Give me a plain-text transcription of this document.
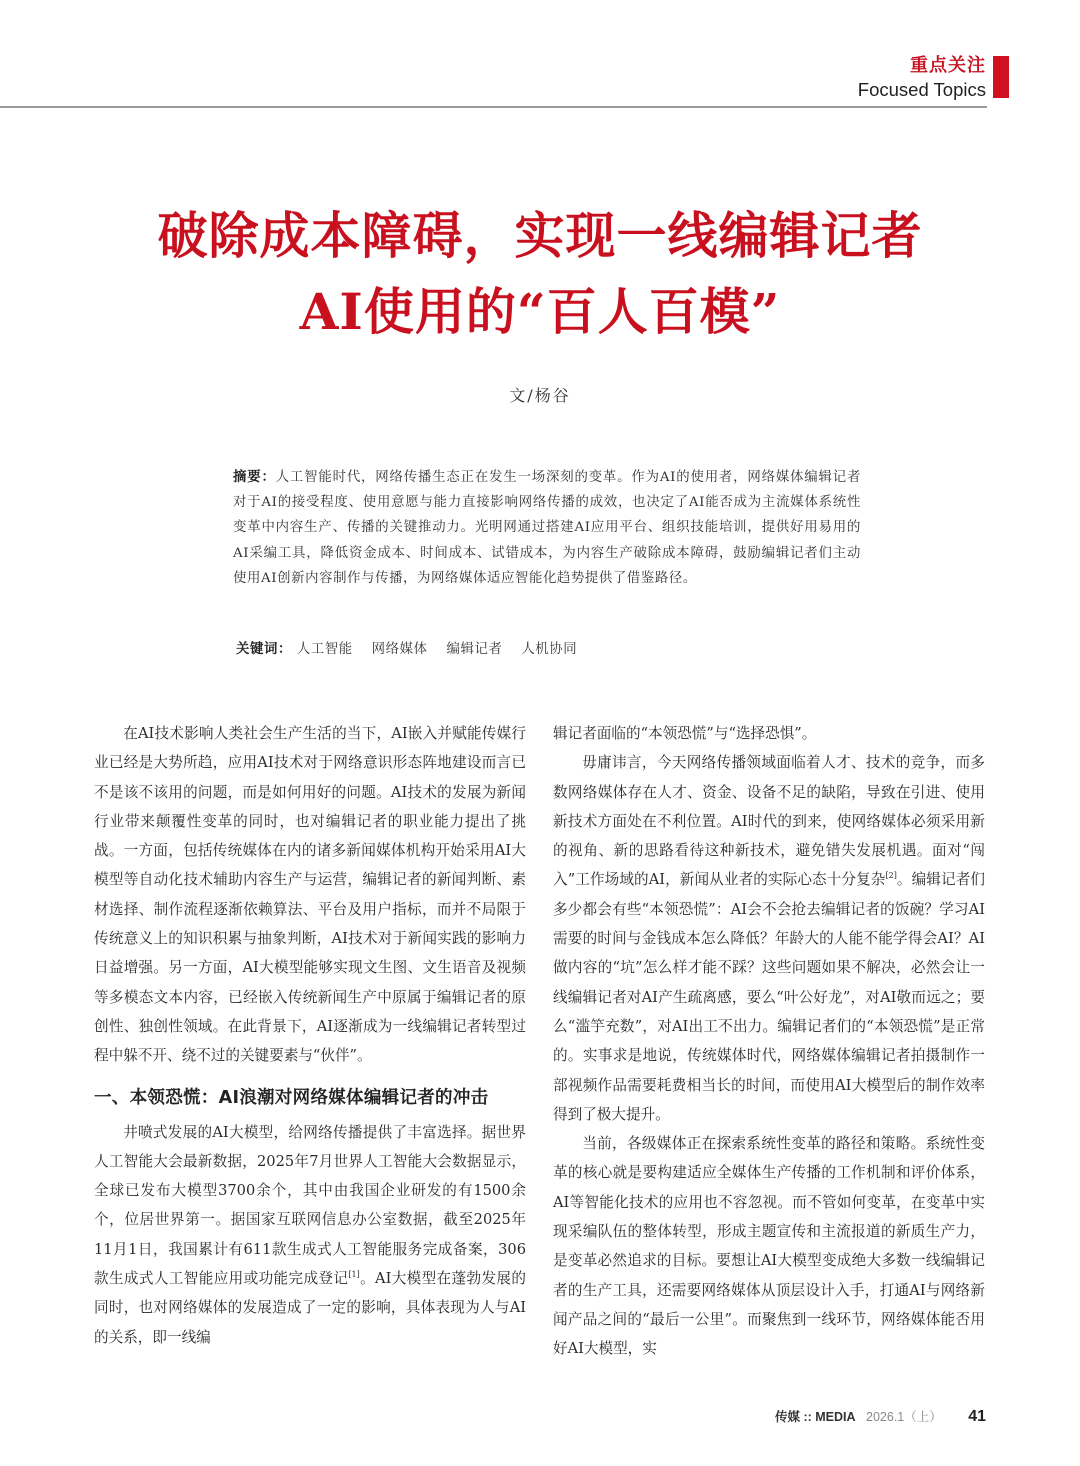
重点关注
Focused Topics
破除成本障碍，实现一线编辑记者
AI使用的“百人百模”
文/杨谷
摘要：人工智能时代，网络传播生态正在发生一场深刻的变革。作为AI的使用者，网络媒体编辑记者对于AI的接受程度、使用意愿与能力直接影响网络传播的成效，也决定了AI能否成为主流媒体系统性变革中内容生产、传播的关键推动力。光明网通过搭建AI应用平台、组织技能培训，提供好用易用的AI采编工具，降低资金成本、时间成本、试错成本，为内容生产破除成本障碍，鼓励编辑记者们主动使用AI创新内容制作与传播，为网络媒体适应智能化趋势提供了借鉴路径。
关键词： 人工智能 网络媒体 编辑记者 人机协同

在AI技术影响人类社会生产生活的当下，AI嵌入并赋能传媒行业已经是大势所趋，应用AI技术对于网络意识形态阵地建设而言已不是该不该用的问题，而是如何用好的问题。AI技术的发展为新闻行业带来颠覆性变革的同时，也对编辑记者的职业能力提出了挑战。一方面，包括传统媒体在内的诸多新闻媒体机构开始采用AI大模型等自动化技术辅助内容生产与运营，编辑记者的新闻判断、素材选择、制作流程逐渐依赖算法、平台及用户指标，而并不局限于传统意义上的知识积累与抽象判断，AI技术对于新闻实践的影响力日益增强。另一方面，AI大模型能够实现文生图、文生语音及视频等多模态文本内容，已经嵌入传统新闻生产中原属于编辑记者的原创性、独创性领域。在此背景下，AI逐渐成为一线编辑记者转型过程中躲不开、绕不过的关键要素与“伙伴”。

一、本领恐慌：AI浪潮对网络媒体编辑记者的冲击

井喷式发展的AI大模型，给网络传播提供了丰富选择。据世界人工智能大会最新数据，2025年7月世界人工智能大会数据显示，全球已发布大模型3700余个，其中由我国企业研发的有1500余个，位居世界第一。据国家互联网信息办公室数据，截至2025年11月1日，我国累计有611款生成式人工智能服务完成备案，306款生成式人工智能应用或功能完成登记[1]。AI大模型在蓬勃发展的同时，也对网络媒体的发展造成了一定的影响，具体表现为人与AI的关系，即一线编

辑记者面临的“本领恐慌”与“选择恐惧”。

毋庸讳言，今天网络传播领域面临着人才、技术的竞争，而多数网络媒体存在人才、资金、设备不足的缺陷，导致在引进、使用新技术方面处在不利位置。AI时代的到来，使网络媒体必须采用新的视角、新的思路看待这种新技术，避免错失发展机遇。面对“闯入”工作场域的AI，新闻从业者的实际心态十分复杂[2]。编辑记者们多少都会有些“本领恐慌”：AI会不会抢去编辑记者的饭碗？学习AI需要的时间与金钱成本怎么降低？年龄大的人能不能学得会AI？AI做内容的“坑”怎么样才能不踩？这些问题如果不解决，必然会让一线编辑记者对AI产生疏离感，要么“叶公好龙”，对AI敬而远之；要么“滥竽充数”，对AI出工不出力。编辑记者们的“本领恐慌”是正常的。实事求是地说，传统媒体时代，网络媒体编辑记者拍摄制作一部视频作品需要耗费相当长的时间，而使用AI大模型后的制作效率得到了极大提升。

当前，各级媒体正在探索系统性变革的路径和策略。系统性变革的核心就是要构建适应全媒体生产传播的工作机制和评价体系，AI等智能化技术的应用也不容忽视。而不管如何变革，在变革中实现采编队伍的整体转型，形成主题宣传和主流报道的新质生产力，是变革必然追求的目标。要想让AI大模型变成绝大多数一线编辑记者的生产工具，还需要网络媒体从顶层设计入手，打通AI与网络新闻产品之间的“最后一公里”。而聚焦到一线环节，网络媒体能否用好AI大模型，实

传媒 :: MEDIA 2026.1（上） 41
